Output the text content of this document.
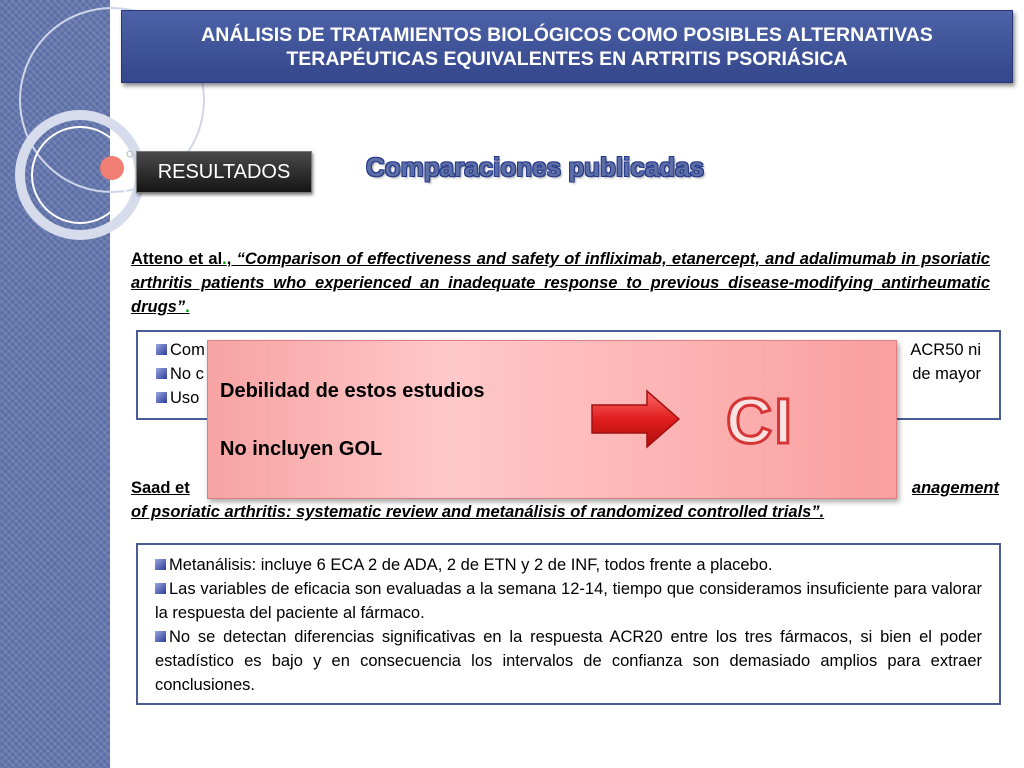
ANÁLISIS DE TRATAMIENTOS BIOLÓGICOS COMO POSIBLES ALTERNATIVAS
TERAPÉUTICAS EQUIVALENTES EN ARTRITIS PSORIÁSICA
RESULTADOS	Comparaciones publicadas
Atteno et al., “Comparison of effectiveness and safety of infliximab, etanercept, and adalimumab in psoriatic arthritis patients who experienced an inadequate response to previous disease-modifying antirheumatic drugs”.
Com	ACR50 ni
No c	de mayor
Uso
Saad et	anagement
of psoriatic arthritis: systematic review and metanálisis of randomized controlled trials”.

Metanálisis: incluye 6 ECA 2 de ADA, 2 de ETN y 2 de INF, todos frente a placebo.

Las variables de eficacia son evaluadas a la semana 12-14, tiempo que consideramos insuficiente para valorar la respuesta del paciente al fármaco.

No se detectan diferencias significativas en la respuesta ACR20 entre los tres fármacos, si bien el poder estadístico es bajo y en consecuencia los intervalos de confianza son demasiado amplios para extraer conclusiones.

Debilidad de estos estudios
No incluyen GOL	CI
